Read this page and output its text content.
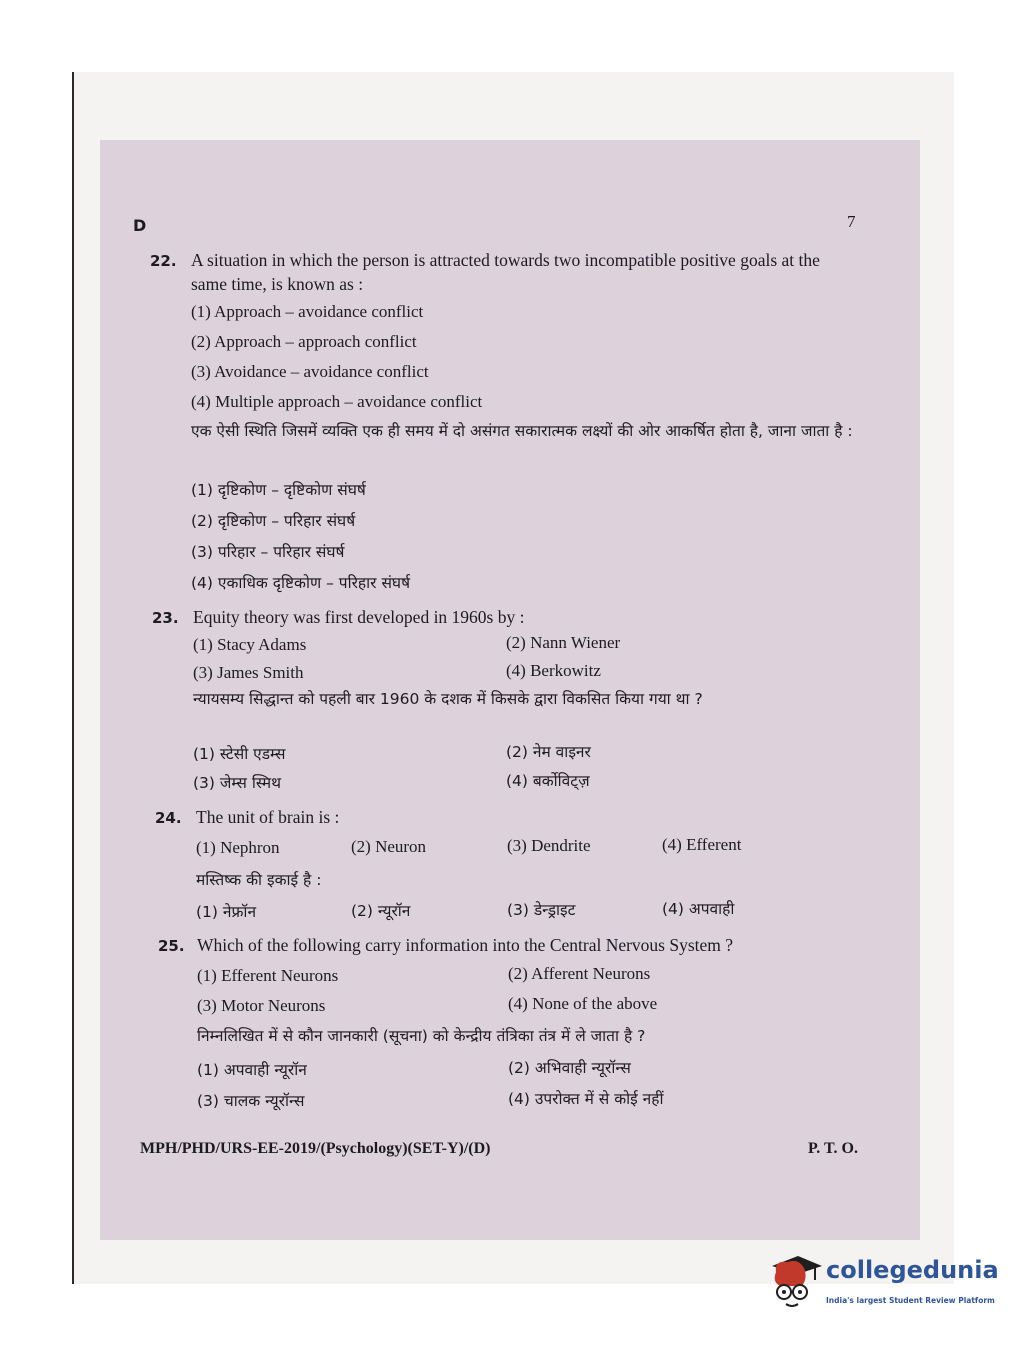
D	7
22. A situation in which the person is attracted towards two incompatible positive goals at the same time, is known as :
(1) Approach – avoidance conflict
(2) Approach – approach conflict
(3) Avoidance – avoidance conflict
(4) Multiple approach – avoidance conflict
एक ऐसी स्थिति जिसमें व्यक्ति एक ही समय में दो असंगत सकारात्मक लक्ष्यों की ओर आकर्षित होता है, जाना जाता है :
(1) दृष्टिकोण – दृष्टिकोण संघर्ष
(2) दृष्टिकोण – परिहार संघर्ष
(3) परिहार – परिहार संघर्ष
(4) एकाधिक दृष्टिकोण – परिहार संघर्ष
23. Equity theory was first developed in 1960s by :
(1) Stacy Adams	(2) Nann Wiener
(3) James Smith	(4) Berkowitz
न्यायसम्य सिद्धान्त को पहली बार 1960 के दशक में किसके द्वारा विकसित किया गया था ?
(1) स्टेसी एडम्स	(2) नेम वाइनर
(3) जेम्स स्मिथ	(4) बर्कोविट्ज़
24. The unit of brain is :
(1) Nephron	(2) Neuron	(3) Dendrite	(4) Efferent
मस्तिष्क की इकाई है :
(1) नेफ्रॉन	(2) न्यूरॉन	(3) डेन्ड्राइट	(4) अपवाही
25. Which of the following carry information into the Central Nervous System ?
(1) Efferent Neurons	(2) Afferent Neurons
(3) Motor Neurons	(4) None of the above
निम्नलिखित में से कौन जानकारी (सूचना) को केन्द्रीय तंत्रिका तंत्र में ले जाता है ?
(1) अपवाही न्यूरॉन	(2) अभिवाही न्यूरॉन्स
(3) चालक न्यूरॉन्स	(4) उपरोक्त में से कोई नहीं
MPH/PHD/URS-EE-2019/(Psychology)(SET-Y)/(D)	P. T. O.
collegedunia
India's largest Student Review Platform
